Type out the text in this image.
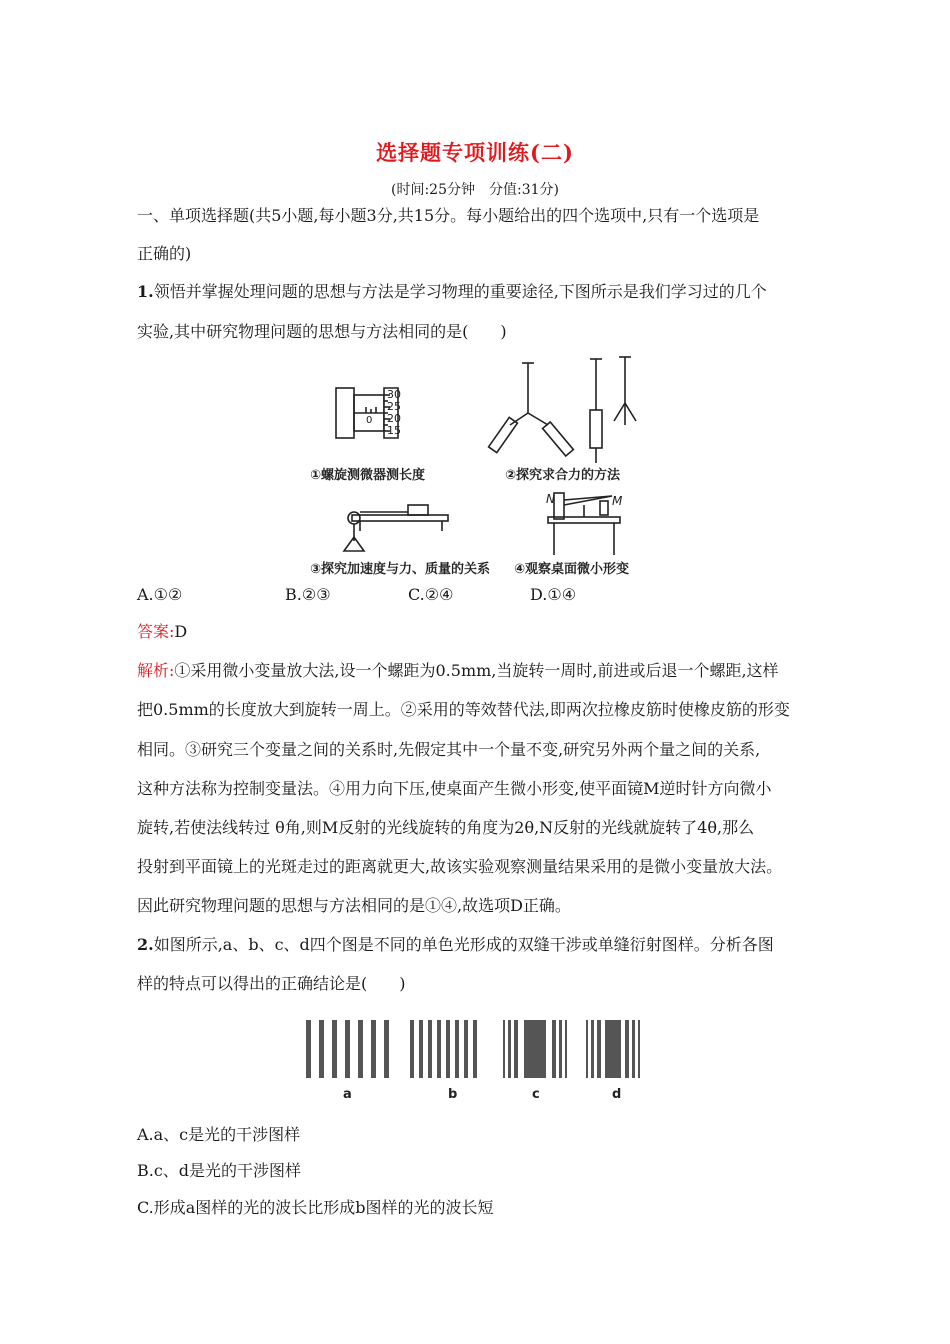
选择题专项训练(二)
(时间:25分钟　分值:31分)
一、单项选择题(共5小题,每小题3分,共15分。每小题给出的四个选项中,只有一个选项是
正确的)
1.领悟并掌握处理问题的思想与方法是学习物理的重要途径,下图所示是我们学习过的几个
实验,其中研究物理问题的思想与方法相同的是(　　)
30
25
20
15
0
②探究求合力的方法
①螺旋测微器测长度
③探究加速度与力、质量的关系
N	M
④观察桌面微小形变
A.①②	B.②③	C.②④	D.①④
答案:D
解析:①采用微小变量放大法,设一个螺距为0.5mm,当旋转一周时,前进或后退一个螺距,这样
把0.5mm的长度放大到旋转一周上。②采用的等效替代法,即两次拉橡皮筋时使橡皮筋的形变
相同。③研究三个变量之间的关系时,先假定其中一个量不变,研究另外两个量之间的关系,
这种方法称为控制变量法。④用力向下压,使桌面产生微小形变,使平面镜M逆时针方向微小
旋转,若使法线转过 θ角,则M反射的光线旋转的角度为2θ,N反射的光线就旋转了4θ,那么
投射到平面镜上的光斑走过的距离就更大,故该实验观察测量结果采用的是微小变量放大法。
因此研究物理问题的思想与方法相同的是①④,故选项D正确。
2.如图所示,a、b、c、d四个图是不同的单色光形成的双缝干涉或单缝衍射图样。分析各图
样的特点可以得出的正确结论是(　　)
a	b	c	d
A.a、c是光的干涉图样
B.c、d是光的干涉图样
C.形成a图样的光的波长比形成b图样的光的波长短
